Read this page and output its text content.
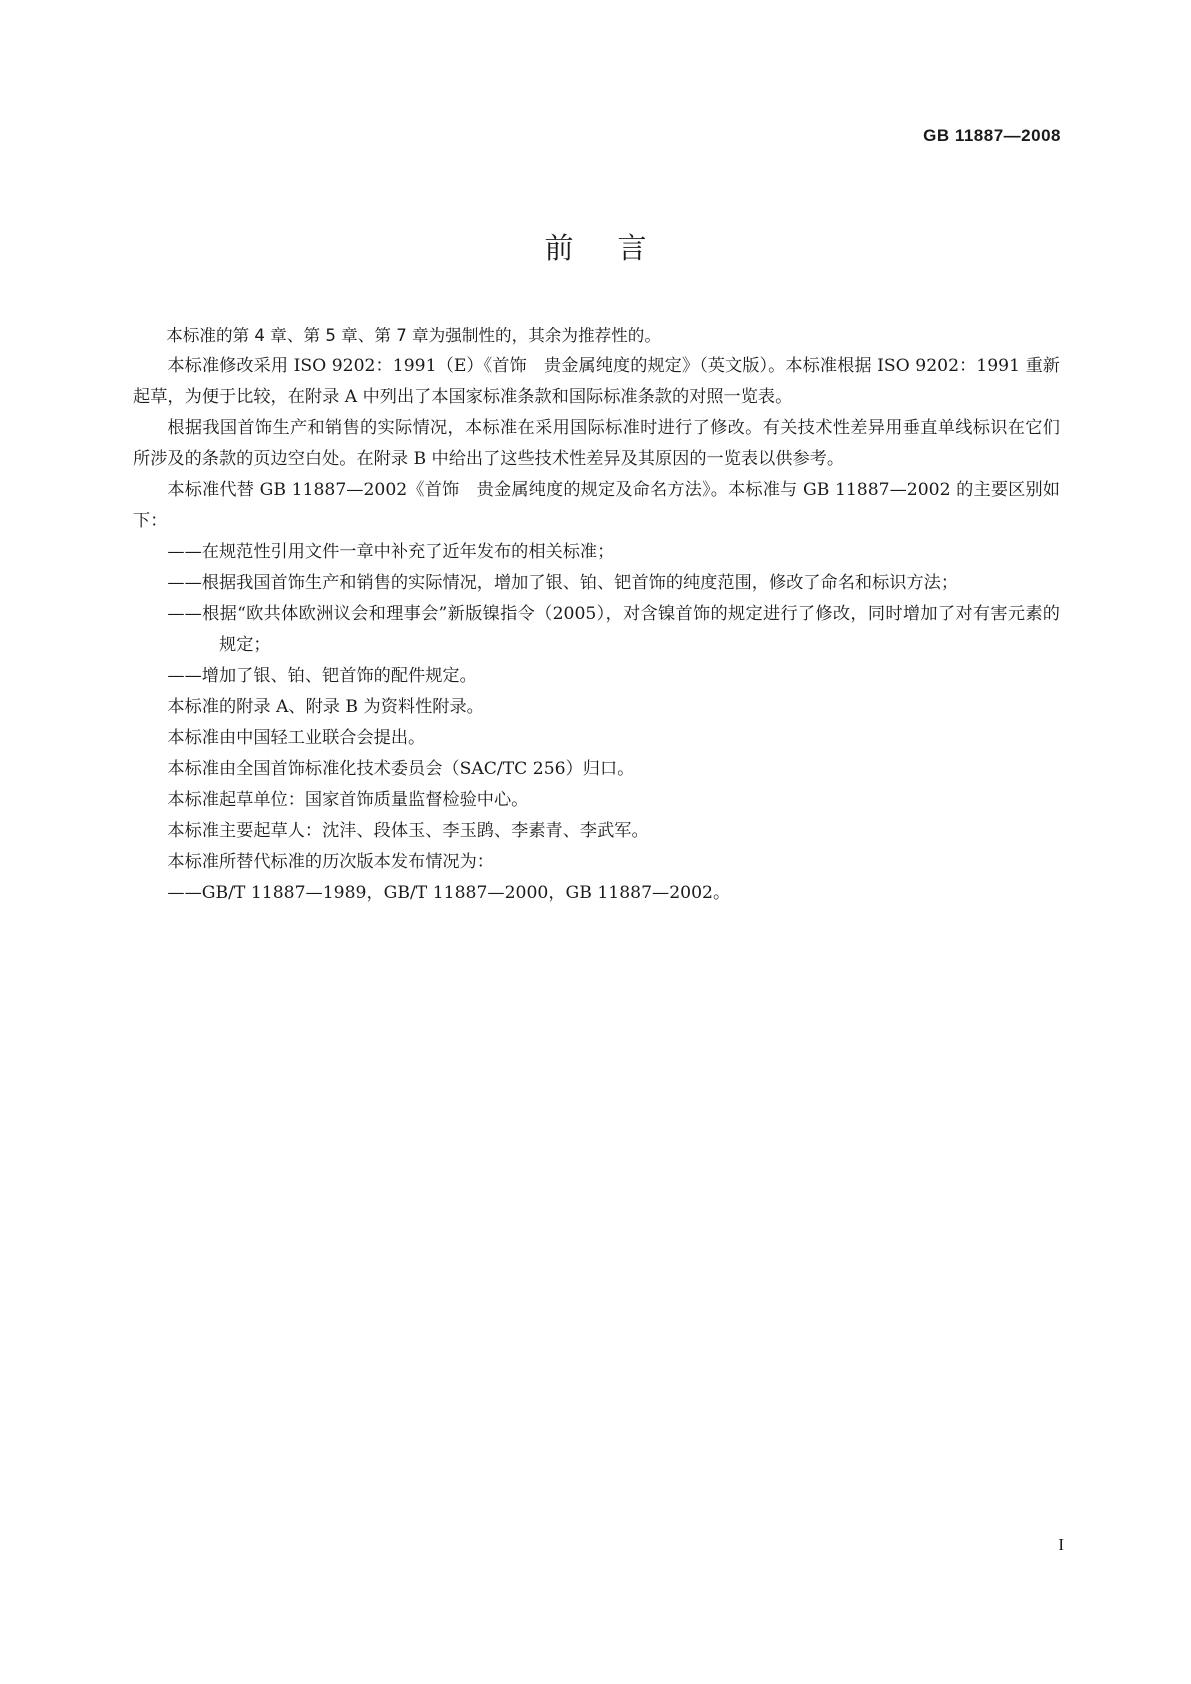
GB 11887—2008
前言

本标准的第 4 章、第 5 章、第 7 章为强制性的，其余为推荐性的。

本标准修改采用 ISO 9202：1991（E）《首饰　贵金属纯度的规定》（英文版）。本标准根据 ISO 9202：1991 重新起草，为便于比较，在附录 A 中列出了本国家标准条款和国际标准条款的对照一览表。

根据我国首饰生产和销售的实际情况，本标准在采用国际标准时进行了修改。有关技术性差异用垂直单线标识在它们所涉及的条款的页边空白处。在附录 B 中给出了这些技术性差异及其原因的一览表以供参考。

本标准代替 GB 11887—2002《首饰　贵金属纯度的规定及命名方法》。本标准与 GB 11887—2002 的主要区别如下：

——在规范性引用文件一章中补充了近年发布的相关标准；

——根据我国首饰生产和销售的实际情况，增加了银、铂、钯首饰的纯度范围，修改了命名和标识方法；

——根据“欧共体欧洲议会和理事会”新版镍指令（2005），对含镍首饰的规定进行了修改，同时增加了对有害元素的规定；

——增加了银、铂、钯首饰的配件规定。

本标准的附录 A、附录 B 为资料性附录。

本标准由中国轻工业联合会提出。

本标准由全国首饰标准化技术委员会（SAC/TC 256）归口。

本标准起草单位：国家首饰质量监督检验中心。

本标准主要起草人：沈沣、段体玉、李玉鹍、李素青、李武军。

本标准所替代标准的历次版本发布情况为：

——GB/T 11887—1989，GB/T 11887—2000，GB 11887—2002。

I
